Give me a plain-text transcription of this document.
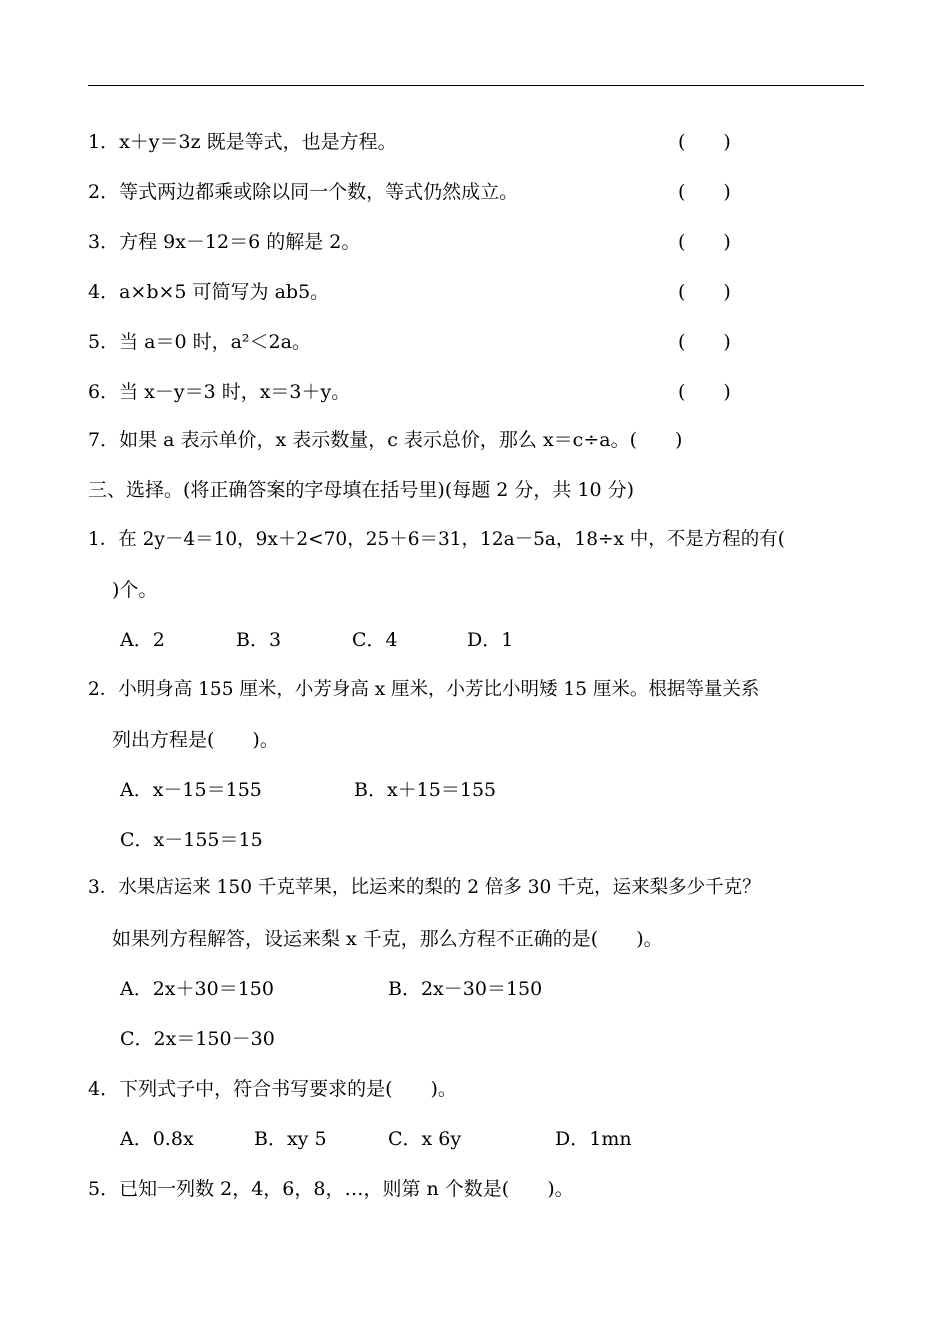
1．x＋y＝3z 既是等式，也是方程。	(　　)
2．等式两边都乘或除以同一个数，等式仍然成立。	(　　)
3．方程 9x－12＝6 的解是 2。	(　　)
4．a×b×5 可简写为 ab5。	(　　)
5．当 a＝0 时，a²＜2a。	(　　)
6．当 x－y＝3 时，x＝3＋y。	(　　)
7．如果 a 表示单价，x 表示数量，c 表示总价，那么 x＝c÷a。(　　)
三、选择。(将正确答案的字母填在括号里)(每题 2 分，共 10 分)
1．在 2y－4＝10，9x＋2<70，25＋6＝31，12a－5a，18÷x 中，不是方程的有(
)个。
A．2	B．3	C．4	D．1
2．小明身高 155 厘米，小芳身高 x 厘米，小芳比小明矮 15 厘米。根据等量关系
列出方程是(　　)。
A．x－15＝155	B．x＋15＝155
C．x－155＝15
3．水果店运来 150 千克苹果，比运来的梨的 2 倍多 30 千克，运来梨多少千克？
如果列方程解答，设运来梨 x 千克，那么方程不正确的是(　　)。
A．2x＋30＝150	B．2x－30＝150
C．2x＝150－30
4．下列式子中，符合书写要求的是(　　)。
A．0.8x	B．xy 5	C．x 6y	D．1mn
5．已知一列数 2，4，6，8，…，则第 n 个数是(　　)。
